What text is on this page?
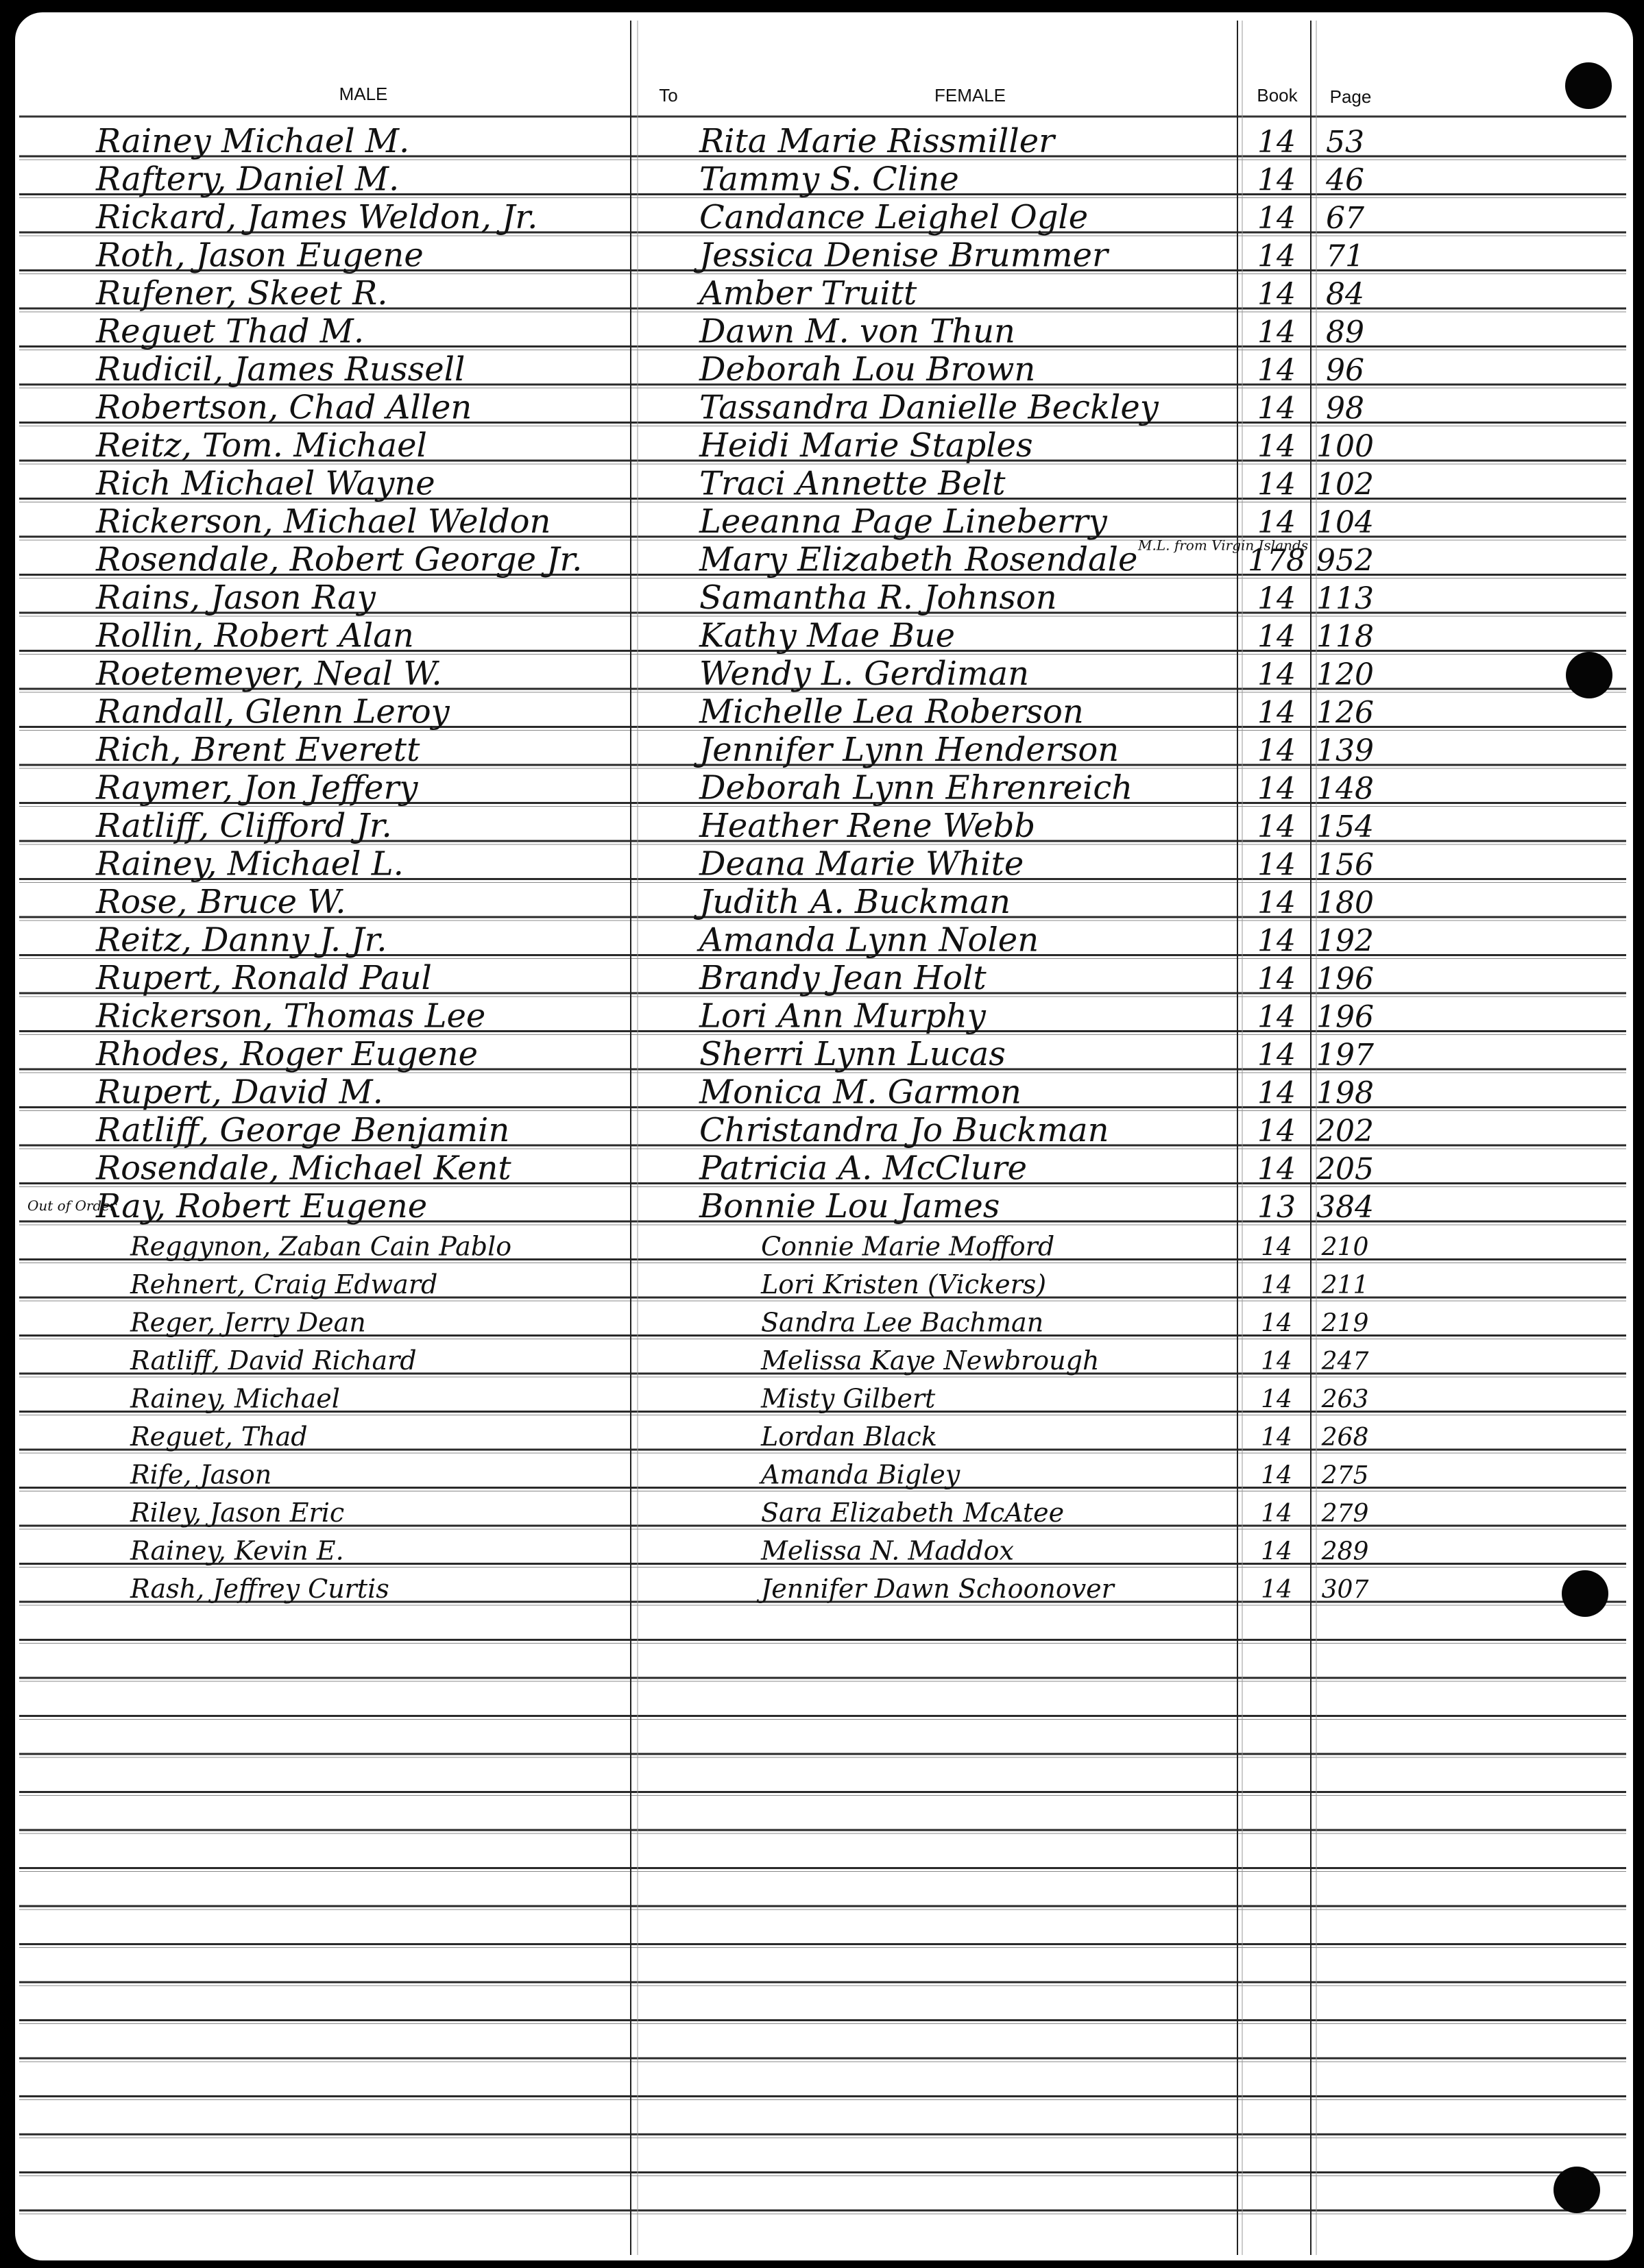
MALE	To	FEMALE	Book Page
Rainey Michael M.	Rita Marie Rissmiller	14 53
Raftery, Daniel M.	Tammy S. Cline	14 46
Rickard, James Weldon, Jr.	Candance Leighel Ogle	14 67
Roth, Jason Eugene	Jessica Denise Brummer	14 71
Rufener, Skeet R.	Amber Truitt	14 84
Reguet Thad M.	Dawn M. von Thun	14 89
Rudicil, James Russell	Deborah Lou Brown	14 96
Robertson, Chad Allen	Tassandra Danielle Beckley	14 98
Reitz, Tom. Michael	Heidi Marie Staples	14 100
Rich Michael Wayne	Traci Annette Belt	14 102
Rickerson, Michael Weldon	Leeanna Page Lineberry	14 104
Rosendale, Robert George Jr.	Mary Elizabeth Rosendale	178 952
M.L. from Virgin Islands
Rains, Jason Ray	Samantha R. Johnson	14 113
Rollin, Robert Alan	Kathy Mae Bue	14 118
Roetemeyer, Neal W.	Wendy L. Gerdiman	14 120
Randall, Glenn Leroy	Michelle Lea Roberson	14 126
Rich, Brent Everett	Jennifer Lynn Henderson	14 139
Raymer, Jon Jeffery	Deborah Lynn Ehrenreich	14 148
Ratliff, Clifford Jr.	Heather Rene Webb	14 154
Rainey, Michael L.	Deana Marie White	14 156
Rose, Bruce W.	Judith A. Buckman	14 180
Reitz, Danny J. Jr.	Amanda Lynn Nolen	14 192
Rupert, Ronald Paul	Brandy Jean Holt	14 196
Rickerson, Thomas Lee	Lori Ann Murphy	14 196
Rhodes, Roger Eugene	Sherri Lynn Lucas	14 197
Rupert, David M.	Monica M. Garmon	14 198
Ratliff, George Benjamin	Christandra Jo Buckman	14 202
Rosendale, Michael Kent	Patricia A. McClure	14 205
Ray, Robert Eugene	Bonnie Lou James	13 384
Out of Order
Reggynon, Zaban Cain Pablo	Connie Marie Mofford	14 210
Rehnert, Craig Edward	Lori Kristen (Vickers)	14 211
Reger, Jerry Dean	Sandra Lee Bachman	14 219
Ratliff, David Richard	Melissa Kaye Newbrough	14 247
Rainey, Michael	Misty Gilbert	14 263
Reguet, Thad	Lordan Black	14 268
Rife, Jason	Amanda Bigley	14 275
Riley, Jason Eric	Sara Elizabeth McAtee	14 279
Rainey, Kevin E.	Melissa N. Maddox	14 289
Rash, Jeffrey Curtis	Jennifer Dawn Schoonover	14 307
